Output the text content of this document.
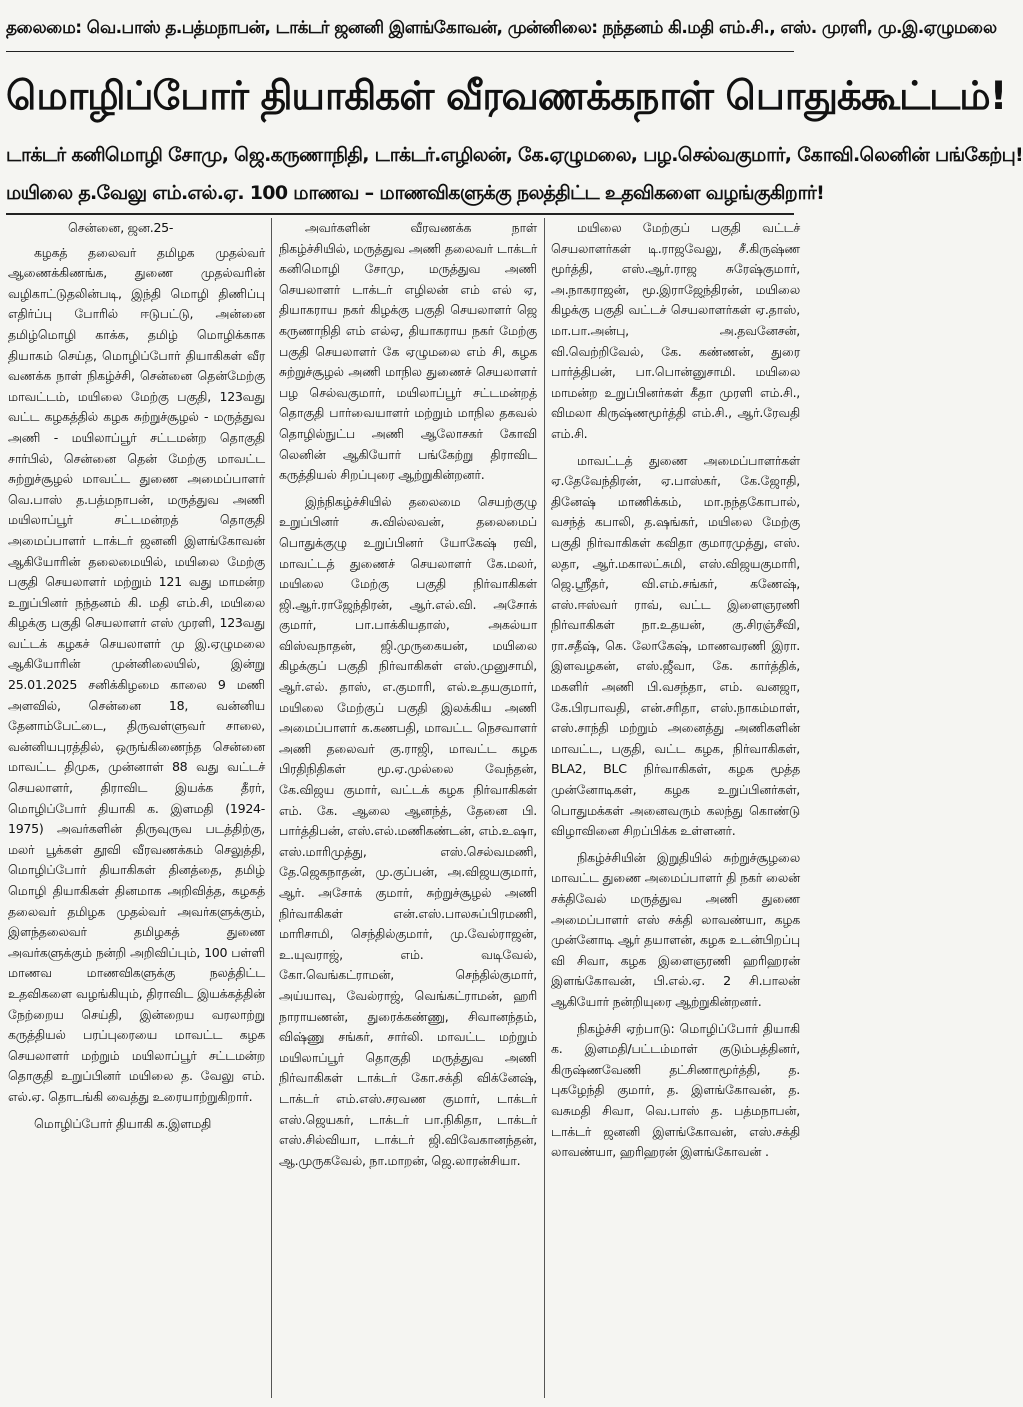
தலைமை: வெ.பாஸ் த.பத்மநாபன், டாக்டர் ஜனனி இளங்கோவன், முன்னிலை: நந்தனம் கி.மதி எம்.சி., எஸ். முரளி, மு.இ.ஏழுமலை
மொழிப்போர் தியாகிகள் வீரவணக்கநாள் பொதுக்கூட்டம்!
டாக்டர் கனிமொழி சோமு, ஜெ.கருணாநிதி, டாக்டர்.எழிலன், கே.ஏழுமலை, பழ.செல்வகுமார், கோவி.லெனின் பங்கேற்பு!
மயிலை த.வேலு எம்.எல்.ஏ. 100 மாணவ – மாணவிகளுக்கு நலத்திட்ட உதவிகளை வழங்குகிறார்!

சென்னை, ஜன.25-

கழகத் தலைவர் தமிழக முதல்வர் ஆணைக்கிணங்க, துணை முதல்வரின் வழிகாட்டுதலின்படி, இந்தி மொழி திணிப்பு எதிர்ப்பு போரில் ஈடுபட்டு, அன்னை தமிழ்மொழி காக்க, தமிழ் மொழிக்காக தியாகம் செய்த, மொழிப்போர் தியாகிகள் வீர வணக்க நாள் நிகழ்ச்சி, சென்னை தென்மேற்கு மாவட்டம், மயிலை மேற்கு பகுதி, 123வது வட்ட கழகத்தில் கழக சுற்றுச்சூழல் - மருத்துவ அணி - மயிலாப்பூர் சட்டமன்ற தொகுதி சார்பில், சென்னை தென் மேற்கு மாவட்ட சுற்றுச்சூழல் மாவட்ட துணை அமைப்பாளர் வெ.பாஸ் த.பத்மநாபன், மருத்துவ அணி மயிலாப்பூர் சட்டமன்றத் தொகுதி அமைப்பாளர் டாக்டர் ஜனனி இளங்கோவன் ஆகியோரின் தலைமையில், மயிலை மேற்கு பகுதி செயலாளர் மற்றும் 121 வது மாமன்ற உறுப்பினர் நந்தனம் கி. மதி எம்.சி, மயிலை கிழக்கு பகுதி செயலாளர் எஸ் முரளி, 123வது வட்டக் கழகச் செயலாளர் மு இ.ஏழுமலை ஆகியோரின் முன்னிலையில், இன்று 25.01.2025 சனிக்கிழமை காலை 9 மணி அளவில், சென்னை 18, வன்னிய தேனாம்பேட்டை, திருவள்ளுவர் சாலை, வன்னியபுரத்தில், ஒருங்கிணைந்த சென்னை மாவட்ட திமுக, முன்னாள் 88 வது வட்டச் செயலாளர், திராவிட இயக்க தீரர், மொழிப்போர் தியாகி க. இளமதி (1924-1975) அவர்களின் திருவுருவ படத்திற்கு, மலர் பூக்கள் தூவி வீரவணக்கம் செலுத்தி, மொழிப்போர் தியாகிகள் தினத்தை, தமிழ் மொழி தியாகிகள் தினமாக அறிவித்த, கழகத் தலைவர் தமிழக முதல்வர் அவர்களுக்கும், இளந்தலைவர் தமிழகத் துணை அவர்களுக்கும் நன்றி அறிவிப்பும், 100 பள்ளி மாணவ மாணவிகளுக்கு நலத்திட்ட உதவிகளை வழங்கியும், திராவிட இயக்கத்தின் நேற்றைய செய்தி, இன்றைய வரலாற்று கருத்தியல் பரப்புரையை மாவட்ட கழக செயலாளர் மற்றும் மயிலாப்பூர் சட்டமன்ற தொகுதி உறுப்பினர் மயிலை த. வேலு எம். எல்.ஏ. தொடங்கி வைத்து உரையாற்றுகிறார்.

மொழிப்போர் தியாகி க.இளமதி

அவர்களின் வீரவணக்க நாள் நிகழ்ச்சியில், மருத்துவ அணி தலைவர் டாக்டர் கனிமொழி சோமு, மருத்துவ அணி செயலாளர் டாக்டர் எழிலன் எம் எல் ஏ, தியாகராய நகர் கிழக்கு பகுதி செயலாளர் ஜெ கருணாநிதி எம் எல்ஏ, தியாகராய நகர் மேற்கு பகுதி செயலாளர் கே ஏழுமலை எம் சி, கழக சுற்றுச்சூழல் அணி மாநில துணைச் செயலாளர் பழ செல்வகுமார், மயிலாப்பூர் சட்டமன்றத் தொகுதி பார்வையாளர் மற்றும் மாநில தகவல் தொழில்நுட்ப அணி ஆலோசகர் கோவி லெனின் ஆகியோர் பங்கேற்று திராவிட கருத்தியல் சிறப்புரை ஆற்றுகின்றனர்.

இந்நிகழ்ச்சியில் தலைமை செயற்குழு உறுப்பினர் சு.வில்லவன், தலைமைப் பொதுக்குழு உறுப்பினர் யோகேஷ் ரவி, மாவட்டத் துணைச் செயலாளர் கே.மலர், மயிலை மேற்கு பகுதி நிர்வாகிகள் ஜி.ஆர்.ராஜேந்திரன், ஆர்.எல்.வி. அசோக் குமார், பா.பாக்கியதாஸ், அகல்யா விஸ்வநாதன், ஜி.முருகையன், மயிலை கிழக்குப் பகுதி நிர்வாகிகள் எஸ்.முனுசாமி, ஆர்.எல். தாஸ், எ.குமாரி, எல்.உதயகுமார், மயிலை மேற்குப் பகுதி இலக்கிய அணி அமைப்பாளர் க.கணபதி, மாவட்ட நெசவாளர் அணி தலைவர் கு.ராஜி, மாவட்ட கழக பிரதிநிதிகள் மூ.ஏ.முல்லை வேந்தன், கே.விஜய குமார், வட்டக் கழக நிர்வாகிகள் எம். கே. ஆலை ஆனந்த், தேனை பி. பார்த்திபன், எஸ்.எல்.மணிகண்டன், எம்.உஷா, எஸ்.மாரிமுத்து, எஸ்.செல்வமணி, தே.ஜெகநாதன், மு.குப்பன், அ.விஜயகுமார், ஆர். அசோக் குமார், சுற்றுச்சூழல் அணி நிர்வாகிகள் என்.எஸ்.பாலசுப்பிரமணி, மாரிசாமி, செந்தில்குமார், மு.வேல்ராஜன், உ.யுவராஜ், எம். வடிவேல், கோ.வெங்கட்ராமன், செந்தில்குமார், அய்யாவு, வேல்ராஜ், வெங்கட்ராமன், ஹரி நாராயணன், துரைக்கண்ணு, சிவானந்தம், விஷ்ணு சங்கர், சார்லி. மாவட்ட மற்றும் மயிலாப்பூர் தொகுதி மருத்துவ அணி நிர்வாகிகள் டாக்டர் கோ.சக்தி விக்னேஷ், டாக்டர் எம்.எஸ்.சரவண குமார், டாக்டர் எஸ்.ஜெயகர், டாக்டர் பா.நிகிதா, டாக்டர் எஸ்.சில்வியா, டாக்டர் ஜி.விவேகானந்தன், ஆ.முருகவேல், நா.மாறன், ஜெ.லாரன்சியா.

மயிலை மேற்குப் பகுதி வட்டச் செயலாளர்கள் டி.ராஜவேலு, சீ.கிருஷ்ண மூர்த்தி, எஸ்.ஆர்.ராஜ சுரேஷ்குமார், அ.நாகராஜன், மூ.இராஜேந்திரன், மயிலை கிழக்கு பகுதி வட்டச் செயலாளர்கள் ஏ.தாஸ், மா.பா.அன்பு, அ.தவனேசன், வி.வெற்றிவேல், கே. கண்ணன், துரை பார்த்திபன், பா.பொன்னுசாமி. மயிலை மாமன்ற உறுப்பினர்கள் கீதா முரளி எம்.சி., விமலா கிருஷ்ணமூர்த்தி எம்.சி., ஆர்.ரேவதி எம்.சி.

மாவட்டத் துணை அமைப்பாளர்கள் ஏ.தேவேந்திரன், ஏ.பாஸ்கர், கே.ஜோதி, தினேஷ் மாணிக்கம், மா.நந்தகோபால், வசந்த் கபாலி, த.ஷங்கர், மயிலை மேற்கு பகுதி நிர்வாகிகள் கவிதா குமாரமுத்து, எஸ். லதா, ஆர்.மகாலட்சுமி, எஸ்.விஜயகுமாரி, ஜெ.ஸ்ரீதர், வி.எம்.சங்கர், கணேஷ், எஸ்.ஈஸ்வர் ராவ், வட்ட இளைஞரணி நிர்வாகிகள் நா.உதயன், கு.சிரஞ்சீவி, ரா.சதீஷ், கெ. லோகேஷ், மாணவரணி இரா. இளவழகன், எஸ்.ஜீவா, கே. கார்த்திக், மகளிர் அணி பி.வசந்தா, எம். வனஜா, கே.பிரபாவதி, என்.சரிதா, எஸ்.நாகம்மாள், எஸ்.சாந்தி மற்றும் அனைத்து அணிகளின் மாவட்ட, பகுதி, வட்ட கழக, நிர்வாகிகள், BLA2, BLC நிர்வாகிகள், கழக மூத்த முன்னோடிகள், கழக உறுப்பினர்கள், பொதுமக்கள் அனைவரும் கலந்து கொண்டு விழாவினை சிறப்பிக்க உள்ளனர்.

நிகழ்ச்சியின் இறுதியில் சுற்றுச்சூழலை மாவட்ட துணை அமைப்பாளர் தி நகர் லைன் சக்திவேல் மருத்துவ அணி துணை அமைப்பாளர் எஸ் சக்தி லாவண்யா, கழக முன்னோடி ஆர் தயாளன், கழக உடன்பிறப்பு வி சிவா, கழக இளைஞரணி ஹரிஹரன் இளங்கோவன், பி.எல்.ஏ. 2 சி.பாலன் ஆகியோர் நன்றியுரை ஆற்றுகின்றனர்.

நிகழ்ச்சி ஏற்பாடு: மொழிப்போர் தியாகி க. இளமதி/பட்டம்மாள் குடும்பத்தினர், கிருஷ்ணவேணி தட்சிணாமூர்த்தி, த. புகழேந்தி குமார், த. இளங்கோவன், த. வசுமதி சிவா, வெ.பாஸ் த. பத்மநாபன், டாக்டர் ஜனனி இளங்கோவன், எஸ்.சக்தி லாவண்யா, ஹரிஹரன் இளங்கோவன் .
